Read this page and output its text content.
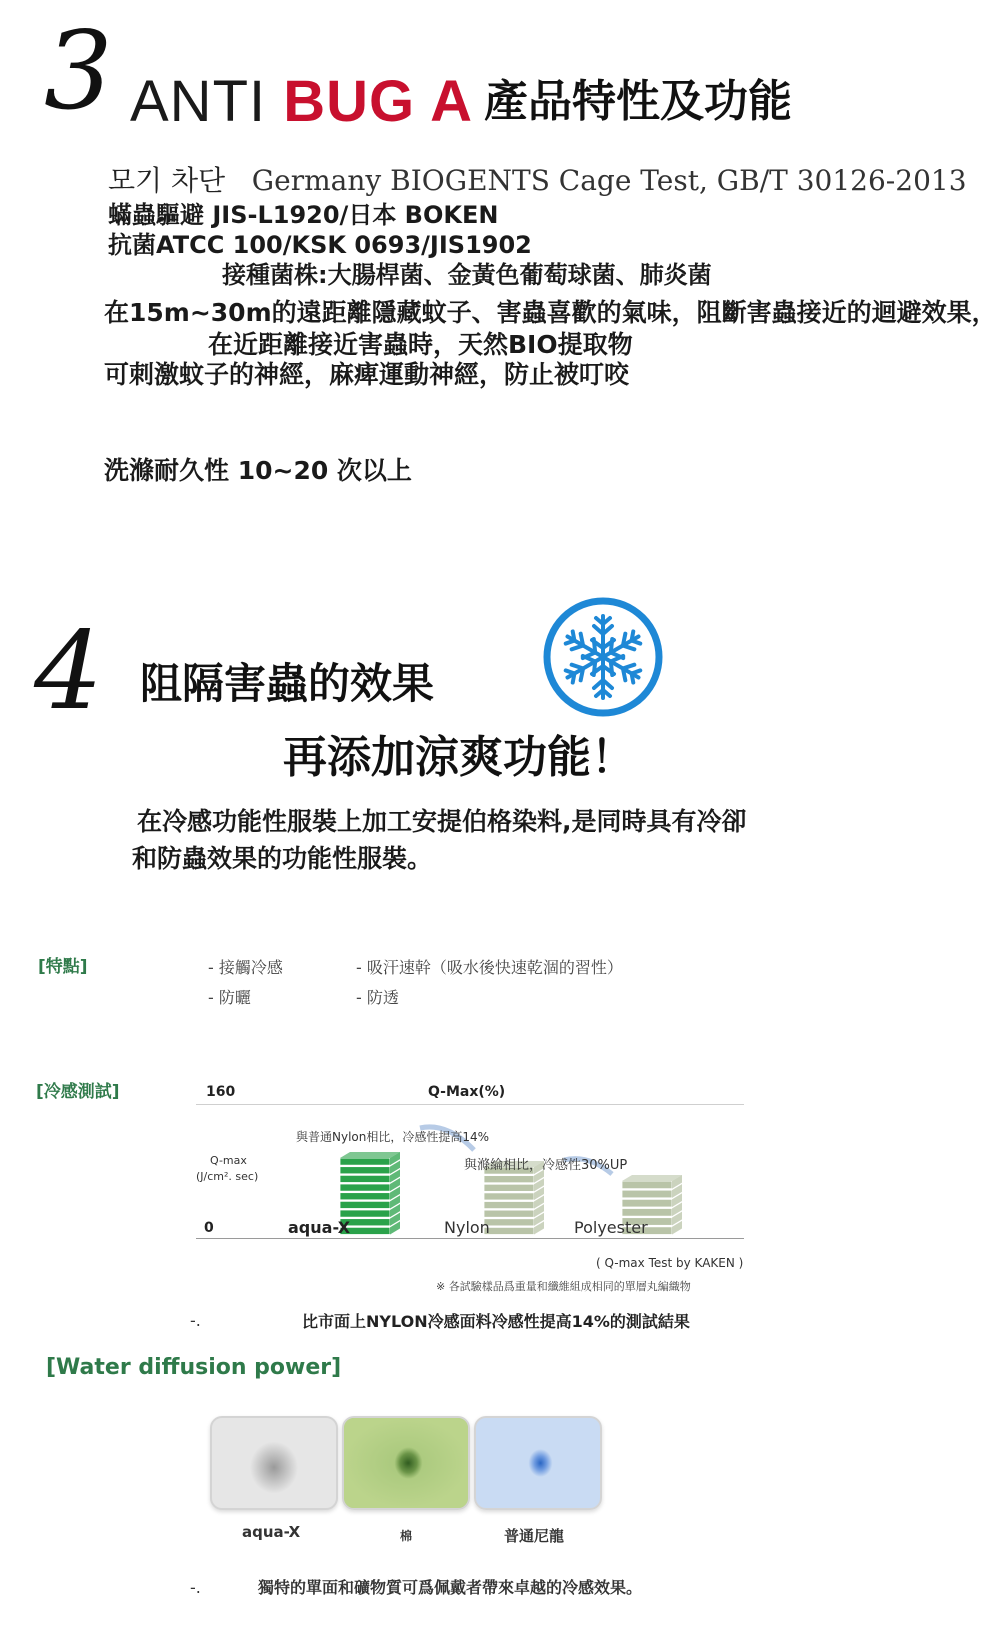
3 ANTI BUG A 產品特性及功能
모기 차단 Germany BIOGENTS Cage Test, GB/T 30126-2013
蟎蟲驅避 JIS-L1920/日本 BOKEN
抗菌ATCC 100/KSK 0693/JIS1902
接種菌株:大腸桿菌、金黃色葡萄球菌、肺炎菌
在15m~30m的遠距離隱藏蚊子、害蟲喜歡的氣味，阻斷害蟲接近的迴避效果，
在近距離接近害蟲時，天然BIO提取物
可刺激蚊子的神經，麻痺運動神經，防止被叮咬
洗滌耐久性 10~20 次以上
4 阻隔害蟲的效果
再添加涼爽功能！
在冷感功能性服裝上加工安提伯格染料,是同時具有冷卻
和防蟲效果的功能性服裝。
[特點]	- 接觸冷感	- 吸汗速幹（吸水後快速乾涸的習性）
- 防曬	- 防透
[冷感測試]	160	Q-Max(%)
Q-max
(J/cm². sec)
0
與普通Nylon相比，冷感性提高14%
與滌綸相比，冷感性30%UP
aqua-X	Nylon	Polyester
( Q-max Test by KAKEN )
※ 各試驗樣品爲重量和纖維組成相同的單層丸編織物
-.	比市面上NYLON冷感面料冷感性提高14%的測試結果
[Water diffusion power]
aqua-X	棉	普通尼龍
-.	獨特的單面和礦物質可爲佩戴者帶來卓越的冷感效果。
